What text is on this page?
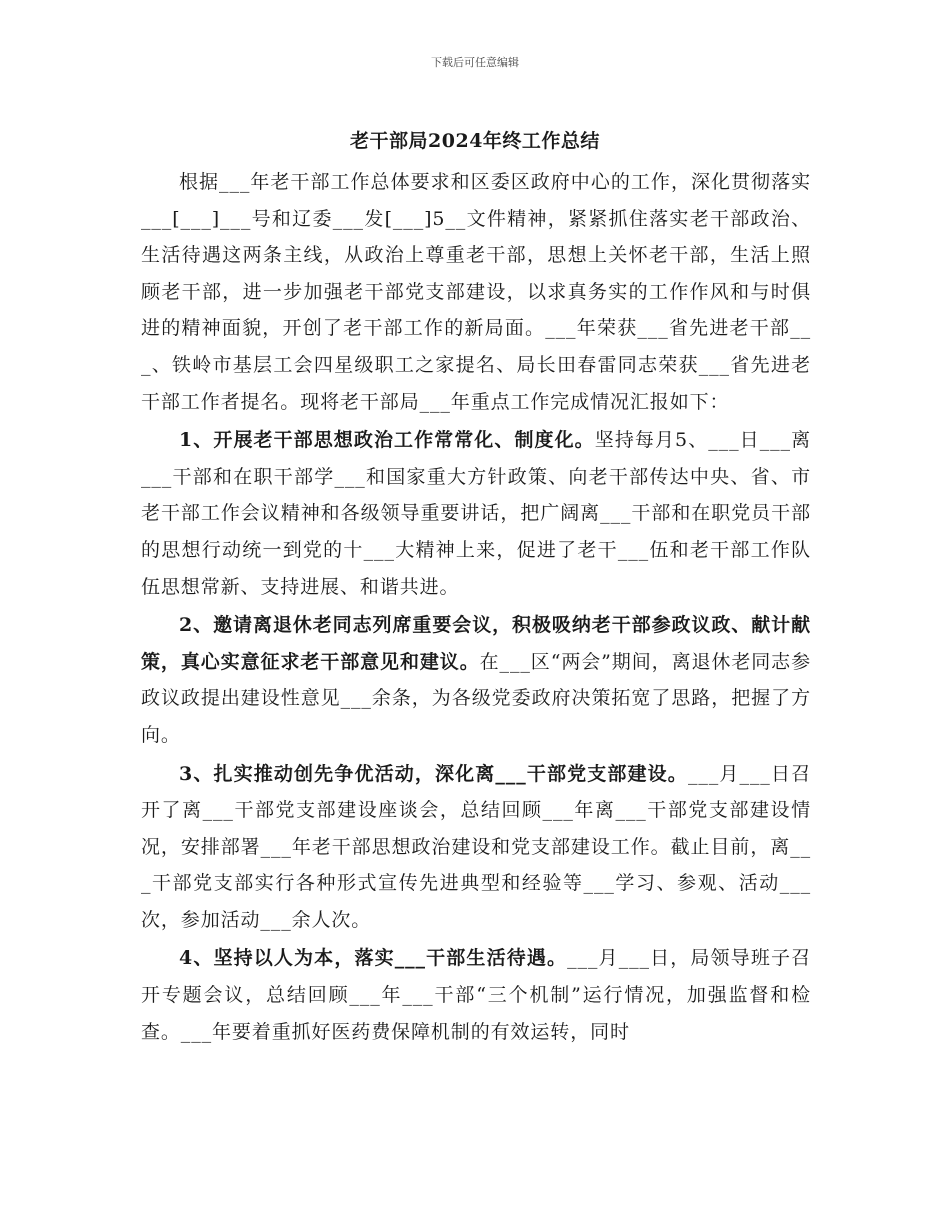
下载后可任意编辑
老干部局2024年终工作总结

根据___年老干部工作总体要求和区委区政府中心的工作，深化贯彻落实___[___]___号和辽委___发[___]5__文件精神，紧紧抓住落实老干部政治、生活待遇这两条主线，从政治上尊重老干部，思想上关怀老干部，生活上照顾老干部，进一步加强老干部党支部建设，以求真务实的工作作风和与时俱进的精神面貌，开创了老干部工作的新局面。___年荣获___省先进老干部___、铁岭市基层工会四星级职工之家提名、局长田春雷同志荣获___省先进老干部工作者提名。现将老干部局___年重点工作完成情况汇报如下：

1、开展老干部思想政治工作常常化、制度化。坚持每月5、___日___离___干部和在职干部学___和国家重大方针政策、向老干部传达中央、省、市老干部工作会议精神和各级领导重要讲话，把广阔离___干部和在职党员干部的思想行动统一到党的十___大精神上来，促进了老干___伍和老干部工作队伍思想常新、支持进展、和谐共进。

2、邀请离退休老同志列席重要会议，积极吸纳老干部参政议政、献计献策，真心实意征求老干部意见和建议。在___区“两会”期间，离退休老同志参政议政提出建设性意见___余条，为各级党委政府决策拓宽了思路，把握了方向。

3、扎实推动创先争优活动，深化离___干部党支部建设。___月___日召开了离___干部党支部建设座谈会，总结回顾___年离___干部党支部建设情况，安排部署___年老干部思想政治建设和党支部建设工作。截止目前，离___干部党支部实行各种形式宣传先进典型和经验等___学习、参观、活动___次，参加活动___余人次。

4、坚持以人为本，落实___干部生活待遇。___月___日，局领导班子召开专题会议，总结回顾___年___干部“三个机制”运行情况，加强监督和检查。___年要着重抓好医药费保障机制的有效运转，同时
